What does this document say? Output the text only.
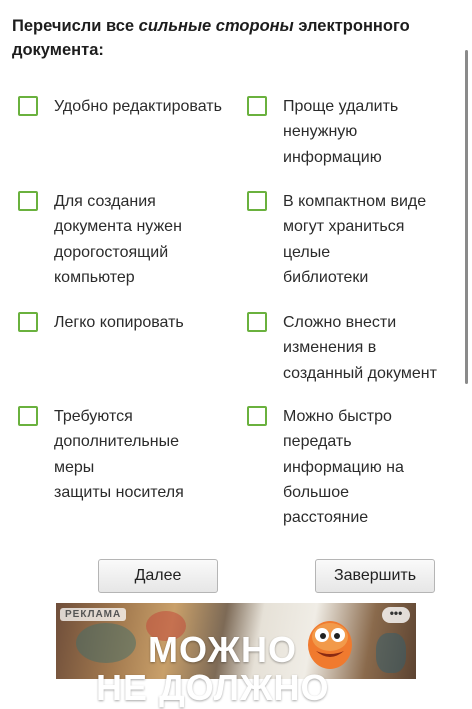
Перечисли все сильные стороны электронного документа:
Удобно редактировать	Проще удалить
ненужную
информацию
Для создания
документа нужен
дорогостоящий
компьютер
В компактном виде
могут храниться
целые
библиотеки
Легко копировать	Сложно внести
изменения в
созданный документ
Требуются
дополнительные меры
защиты носителя
Можно быстро
передать
информацию на
большое
расстояние
Далее	Завершить
МОЖНО
НЕ ДОЛЖНО
РЕКЛАМА	•••
